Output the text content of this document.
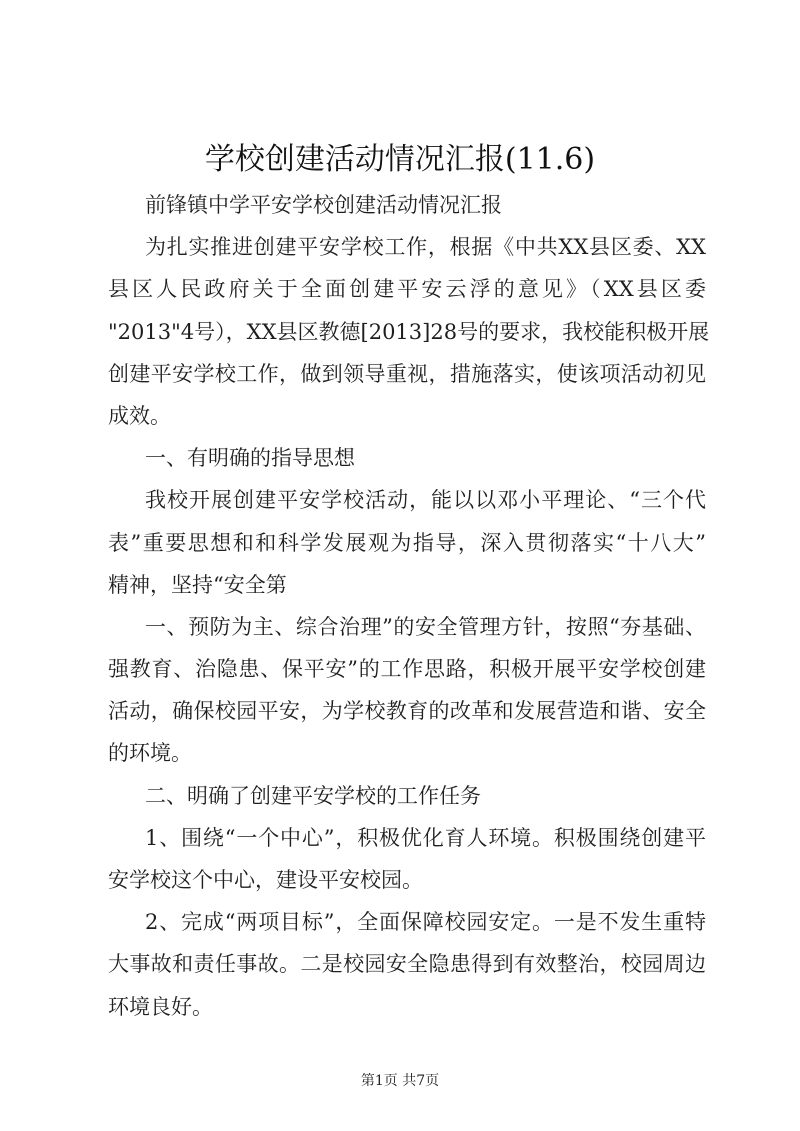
学校创建活动情况汇报(11.6)
前锋镇中学平安学校创建活动情况汇报
为扎实推进创建平安学校工作，根据《中共XX县区委、XX
县区人民政府关于全面创建平安云浮的意见》（XX县区委
"2013"4号），XX县区教德[2013]28号的要求，我校能积极开展
创建平安学校工作，做到领导重视，措施落实，使该项活动初见
成效。
一、有明确的指导思想
我校开展创建平安学校活动，能以以邓小平理论、“三个代
表”重要思想和和科学发展观为指导，深入贯彻落实“十八大”
精神，坚持“安全第
一、预防为主、综合治理”的安全管理方针，按照“夯基础、
强教育、治隐患、保平安”的工作思路，积极开展平安学校创建
活动，确保校园平安，为学校教育的改革和发展营造和谐、安全
的环境。
二、明确了创建平安学校的工作任务
1、围绕“一个中心”，积极优化育人环境。积极围绕创建平
安学校这个中心，建设平安校园。
2、完成“两项目标”，全面保障校园安定。一是不发生重特
大事故和责任事故。二是校园安全隐患得到有效整治，校园周边
环境良好。
第1页 共7页
